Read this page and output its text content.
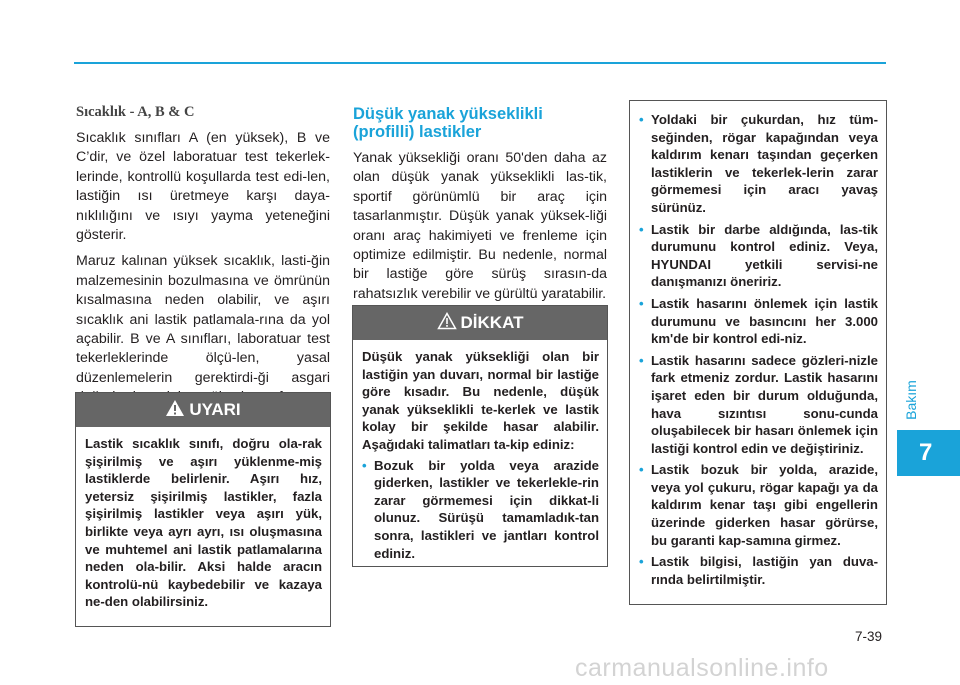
Sıcaklık - A, B & C

Sıcaklık sınıfları A (en yüksek), B ve C’dir, ve özel laboratuar test tekerlek-lerinde, kontrollü koşullarda test edi-len, lastiğin ısı üretmeye karşı daya-nıklılığını ve ısıyı yayma yeteneğini gösterir.

Maruz kalınan yüksek sıcaklık, lasti-ğin malzemesinin bozulmasına ve ömrünün kısalmasına neden olabilir, ve aşırı sıcaklık ani lastik patlamala-rına da yol açabilir. B ve A sınıfları, laboratuar test tekerleklerinde ölçü-len, yasal düzenlemelerin gerektirdi-ği asgari

UYARI

Lastik sıcaklık sınıfı, doğru ola-rak şişirilmiş ve aşırı yüklenme-miş lastiklerde belirlenir. Aşırı hız, yetersiz şişirilmiş lastikler, fazla şişirilmiş lastikler veya aşırı yük, birlikte veya ayrı ayrı, ısı oluşmasına ve muhtemel ani lastik patlamalarına neden ola-bilir. Aksi halde aracın kontrolü-nü kaybedebilir ve kazaya ne-den olabilirsiniz.

Düşük yanak yükseklikli
(profilli) lastikler

Yanak yüksekliği oranı 50'den daha az olan düşük yanak yükseklikli las-tik, sportif görünümlü bir araç için tasarlanmıştır. Düşük yanak yüksek-liği oranı araç hakimiyeti ve frenleme için optimize edilmiştir. Bu nedenle, normal bir lastiğe göre sürüş sırasın-da rahatsızlık verebilir ve gürültü yaratabilir.

DİKKAT

Düşük yanak yüksekliği olan bir lastiğin yan duvarı, normal bir lastiğe göre kısadır. Bu nedenle, düşük yanak yükseklikli te-kerlek ve lastik kolay bir şekilde hasar alabilir. Aşağıdaki talimatları ta-kip ediniz:

• Bozuk bir yolda veya arazide giderken, lastikler ve tekerlekle-rin zarar görmemesi için dikkat-li olunuz. Sürüşü tamamladık-tan sonra, lastikleri ve jantları kontrol ediniz.
• Yoldaki bir çukurdan, hız tüm-seğinden, rögar kapağından veya kaldırım kenarı taşından geçerken lastiklerin ve tekerlek-lerin zarar görmemesi için aracı yavaş sürünüz.
• Lastik bir darbe aldığında, las-tik durumunu kontrol ediniz. Veya, HYUNDAI yetkili servisi-ne danışmanızı öneririz.
• Lastik hasarını önlemek için lastik durumunu ve basıncını her 3.000 km'de bir kontrol edi-niz.
• Lastik hasarını sadece gözleri-nizle fark etmeniz zordur. Lastik hasarını işaret eden bir durum olduğunda, hava sızıntısı sonu-cunda oluşabilecek bir hasarı önlemek için lastiği kontrol edin ve değiştiriniz.
• Lastik bozuk bir yolda, arazide, veya yol çukuru, rögar kapağı ya da kaldırım kenar taşı gibi engellerin üzerinde giderken hasar görürse, bu garanti kap-samına girmez.
• Lastik bilgisi, lastiğin yan duva-rında belirtilmiştir.
Bakım
7
7-39
carmanualsonline.info
